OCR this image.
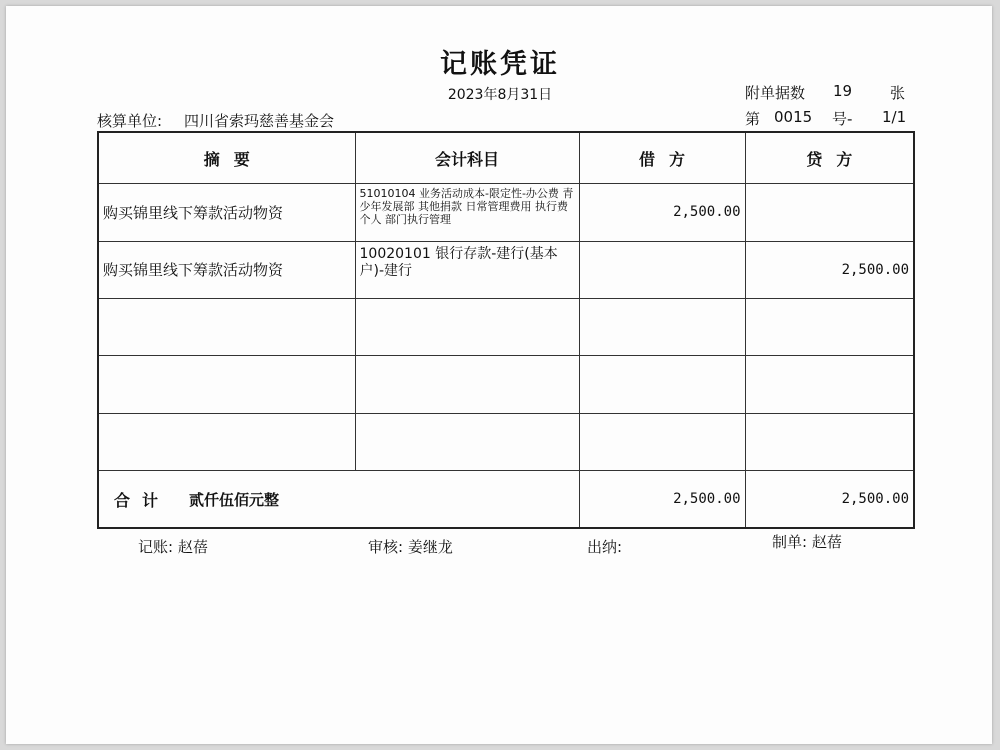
记账凭证
2023年8月31日	附单据数 19	张
核算单位: 四川省索玛慈善基金会	第 0015 号- 1/1
摘要	会计科目	借方	贷方
购买锦里线下筹款活动物资	51010104 业务活动成本-限定性-办公费 青少年发展部 其他捐款 日常管理费用 执行费 个人 部门执行管理	2,500.00	
购买锦里线下筹款活动物资	10020101 银行存款-建行(基本户)-建行		2,500.00

合计 贰仟伍佰元整		2,500.00	2,500.00
记账: 赵蓓	审核: 姜继龙	出纳:	制单: 赵蓓
